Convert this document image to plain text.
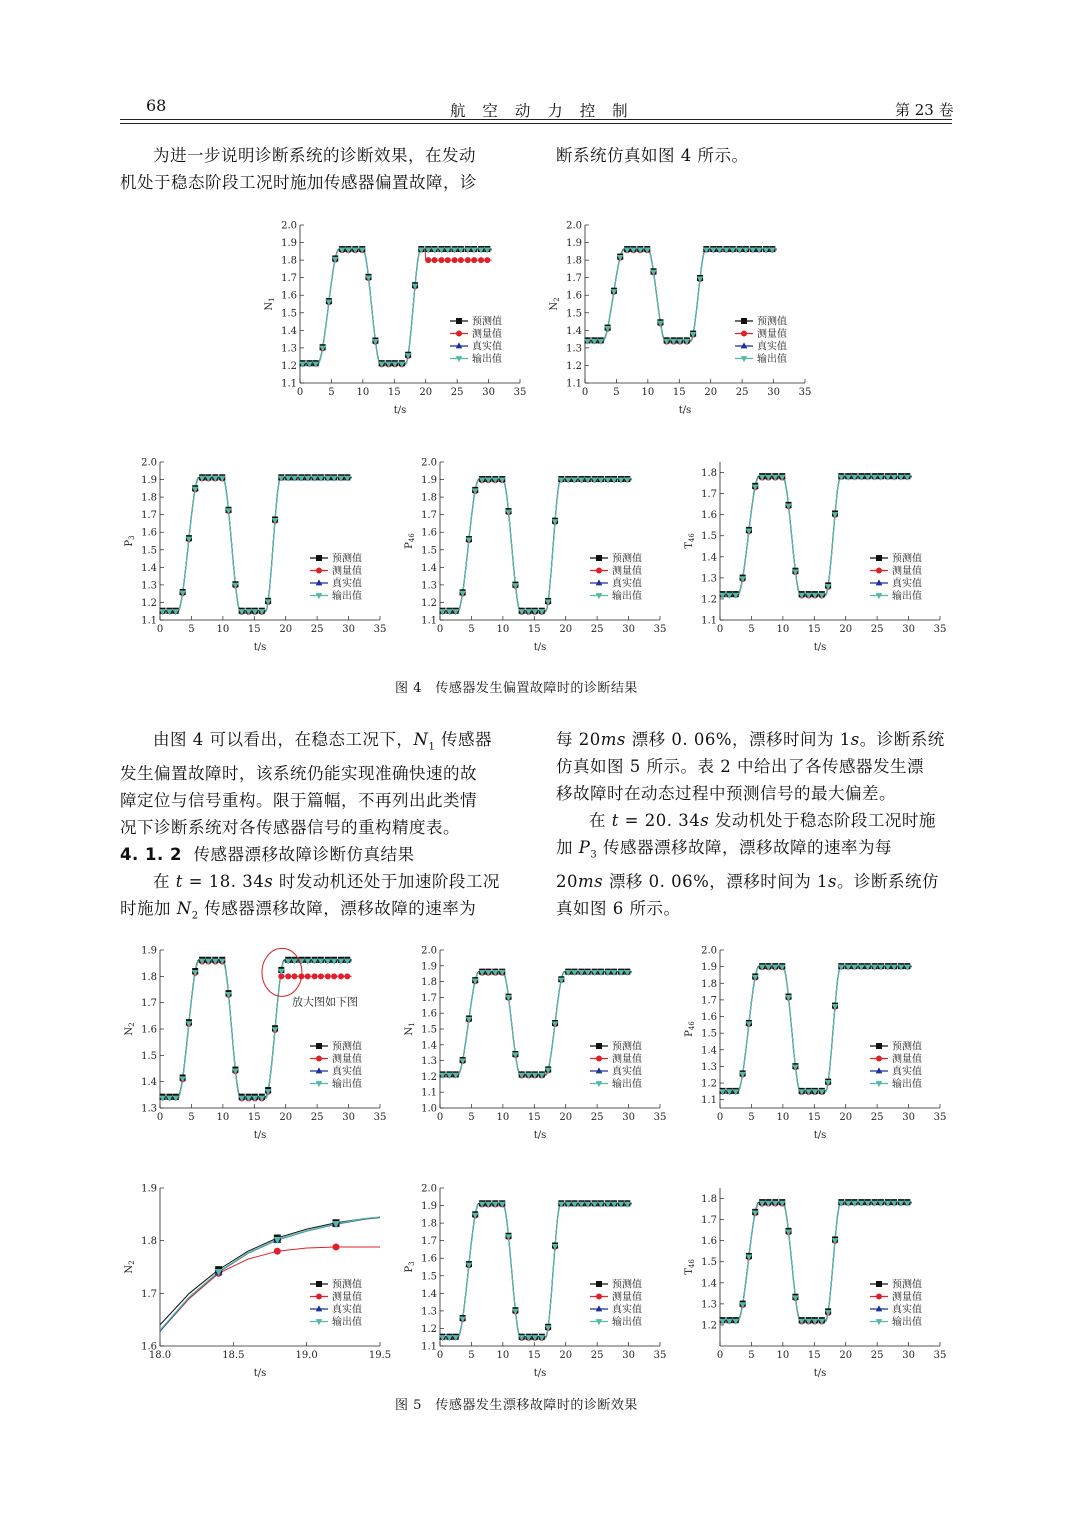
68	航 空 动 力 控 制	第 23 卷

为进一步说明诊断系统的诊断效果，在发动

机处于稳态阶段工况时施加传感器偏置故障，诊

断系统仿真如图 4 所示。

0	5 10 15 20 25 30 35
1.1
1.2
1.3
1.4
1.5
1.6
1.7
1.8
1.9
2.0
t/s
$N_1$
预测值
测量值
真实值
输出值
0	5 10 15 20 25 30 35
1.1
1.2
1.3
1.4
1.5
1.6
1.7
1.8
1.9
2.0
t/s
$N_2$
预测值
测量值
真实值
输出值
0	5 10 15 20 25 30 35
1.1
1.2
1.3
1.4
1.5
1.6
1.7
1.8
1.9
2.0
t/s
$P_3$
预测值
测量值
真实值
输出值
0	5 10 15 20 25 30 35
1.1
1.2
1.3
1.4
1.5
1.6
1.7
1.8
1.9
2.0
t/s
$P_{46}$
预测值
测量值
真实值
输出值
0	5 10 15 20 25 30 35
1.1
1.2
1.3
1.4
1.5
1.6
1.7
1.8
t/s
$T_{46}$
预测值
测量值
真实值
输出值
图 4　传感器发生偏置故障时的诊断结果

由图 4 可以看出，在稳态工况下，$N_1$ 传感器

发生偏置故障时，该系统仍能实现准确快速的故

障定位与信号重构。限于篇幅，不再列出此类情

况下诊断系统对各传感器信号的重构精度表。

4. 1. 2 传感器漂移故障诊断仿真结果

在 t = 18. 34s 时发动机还处于加速阶段工况

时施加 $N_2$ 传感器漂移故障，漂移故障的速率为

每 20ms 漂移 0. 06%，漂移时间为 1s。诊断系统

仿真如图 5 所示。表 2 中给出了各传感器发生漂

移故障时在动态过程中预测信号的最大偏差。

在 t = 20. 34s 发动机处于稳态阶段工况时施

加 $P_3$ 传感器漂移故障，漂移故障的速率为每

20ms 漂移 0. 06%，漂移时间为 1s。诊断系统仿

真如图 6 所示。

0	5 10 15 20 25 30 35
1.3
1.4
1.5
1.6
1.7
1.8
1.9
t/s
$N_2$
预测值
测量值
真实值
输出值
放大图如下图
0	5 10 15 20 25 30 35
1.0
1.1
1.2
1.3
1.4
1.5
1.6
1.7
1.8
1.9
2.0
t/s
$N_1$
预测值
测量值
真实值
输出值
0	5 10 15 20 25 30 35
1.1
1.2
1.3
1.4
1.5
1.6
1.7
1.8
1.9
2.0
t/s
$P_{46}$
预测值
测量值
真实值
输出值
18.0	18.5	19.0	19.5
1.6
1.7
1.8
1.9
t/s
$N_2$
预测值
测量值
真实值
输出值
0	5 10 15 20 25 30 35
1.1
1.2
1.3
1.4
1.5
1.6
1.7
1.8
1.9
2.0
t/s
$P_3$
预测值
测量值
真实值
输出值
0	5 10 15 20 25 30 35
1.2
1.3
1.4
1.5
1.6
1.7
1.8
t/s
$T_{46}$
预测值
测量值
真实值
输出值
图 5　传感器发生漂移故障时的诊断效果
